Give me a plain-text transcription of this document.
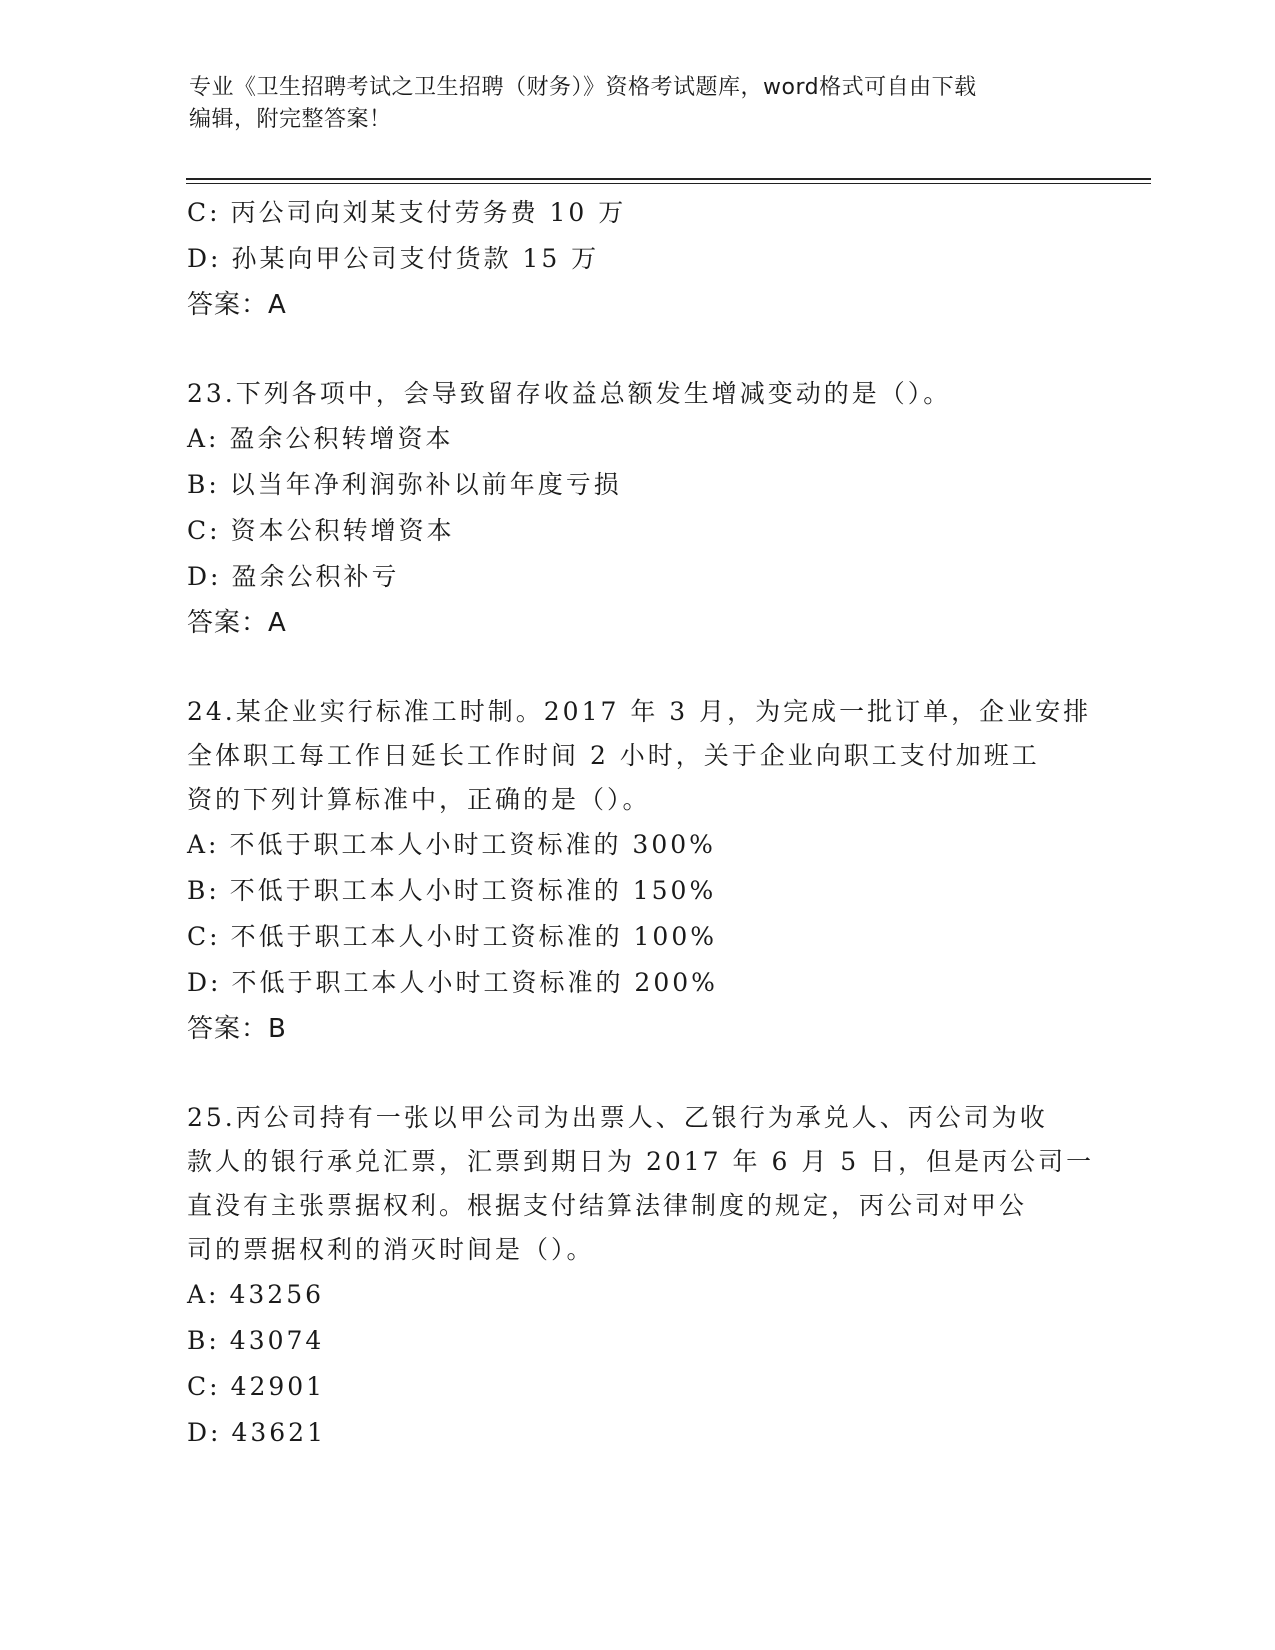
专业《卫生招聘考试之卫生招聘（财务）》资格考试题库，word格式可自由下载
编辑，附完整答案！
C: 丙公司向刘某支付劳务费 10 万
D: 孙某向甲公司支付货款 15 万
答案：A
23.下列各项中，会导致留存收益总额发生增减变动的是（）。
A: 盈余公积转增资本
B: 以当年净利润弥补以前年度亏损
C: 资本公积转增资本
D: 盈余公积补亏
答案：A
24.某企业实行标准工时制。2017 年 3 月，为完成一批订单，企业安排
全体职工每工作日延长工作时间 2 小时，关于企业向职工支付加班工
资的下列计算标准中，正确的是（）。
A: 不低于职工本人小时工资标准的 300%
B: 不低于职工本人小时工资标准的 150%
C: 不低于职工本人小时工资标准的 100%
D: 不低于职工本人小时工资标准的 200%
答案：B
25.丙公司持有一张以甲公司为出票人、乙银行为承兑人、丙公司为收
款人的银行承兑汇票，汇票到期日为 2017 年 6 月 5 日，但是丙公司一
直没有主张票据权利。根据支付结算法律制度的规定，丙公司对甲公
司的票据权利的消灭时间是（）。
A: 43256
B: 43074
C: 42901
D: 43621
